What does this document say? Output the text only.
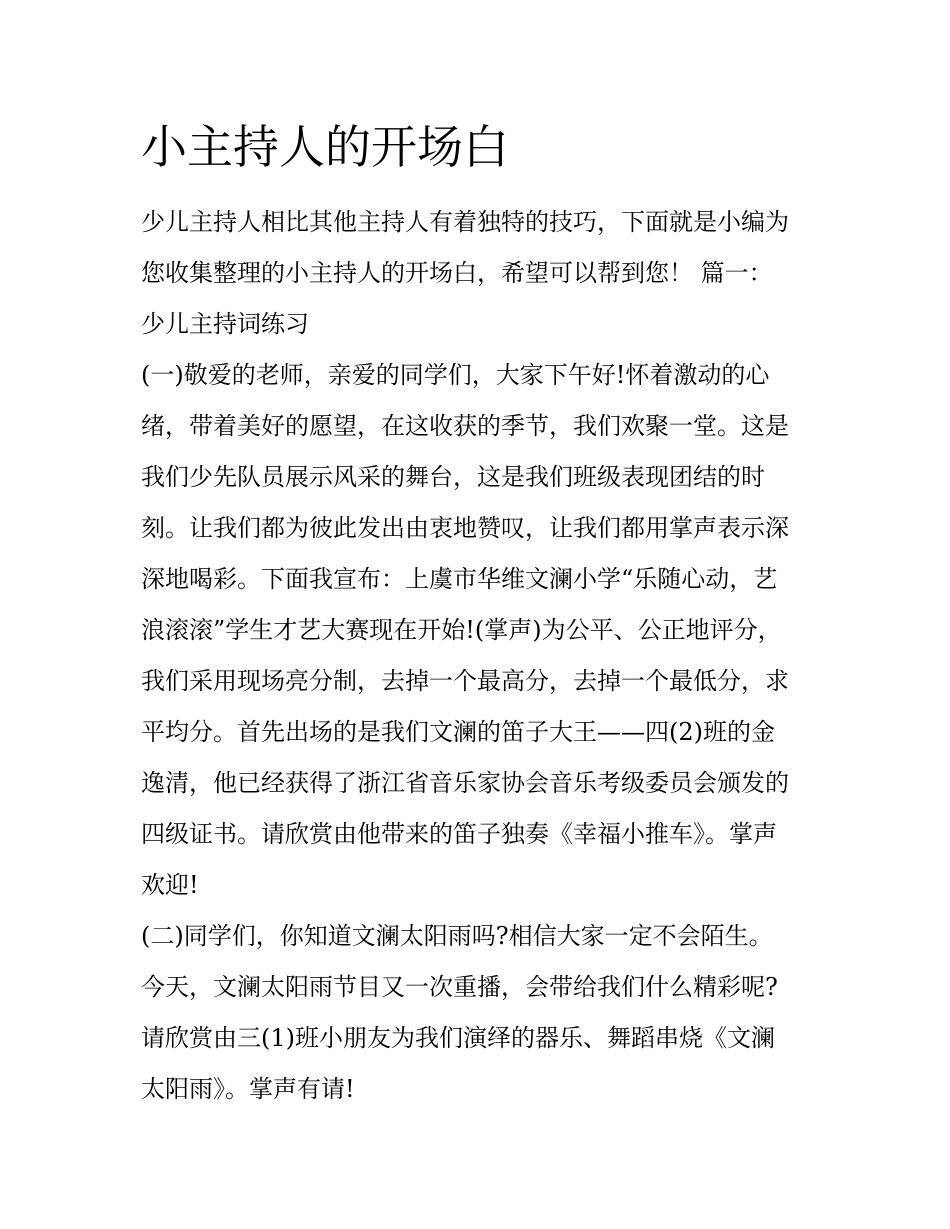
小主持人的开场白
少儿主持人相比其他主持人有着独特的技巧，下面就是小编为
您收集整理的小主持人的开场白，希望可以帮到您！ 篇一：
少儿主持词练习
(一)敬爱的老师，亲爱的同学们，大家下午好!怀着激动的心
绪，带着美好的愿望，在这收获的季节，我们欢聚一堂。这是
我们少先队员展示风采的舞台，这是我们班级表现团结的时
刻。让我们都为彼此发出由衷地赞叹，让我们都用掌声表示深
深地喝彩。下面我宣布：上虞市华维文澜小学“乐随心动，艺
浪滚滚”学生才艺大赛现在开始!(掌声)为公平、公正地评分，
我们采用现场亮分制，去掉一个最高分，去掉一个最低分，求
平均分。首先出场的是我们文澜的笛子大王——四(2)班的金
逸清，他已经获得了浙江省音乐家协会音乐考级委员会颁发的
四级证书。请欣赏由他带来的笛子独奏《幸福小推车》。掌声
欢迎!
(二)同学们，你知道文澜太阳雨吗?相信大家一定不会陌生。
今天，文澜太阳雨节目又一次重播，会带给我们什么精彩呢?
请欣赏由三(1)班小朋友为我们演绎的器乐、舞蹈串烧《文澜
太阳雨》。掌声有请!
